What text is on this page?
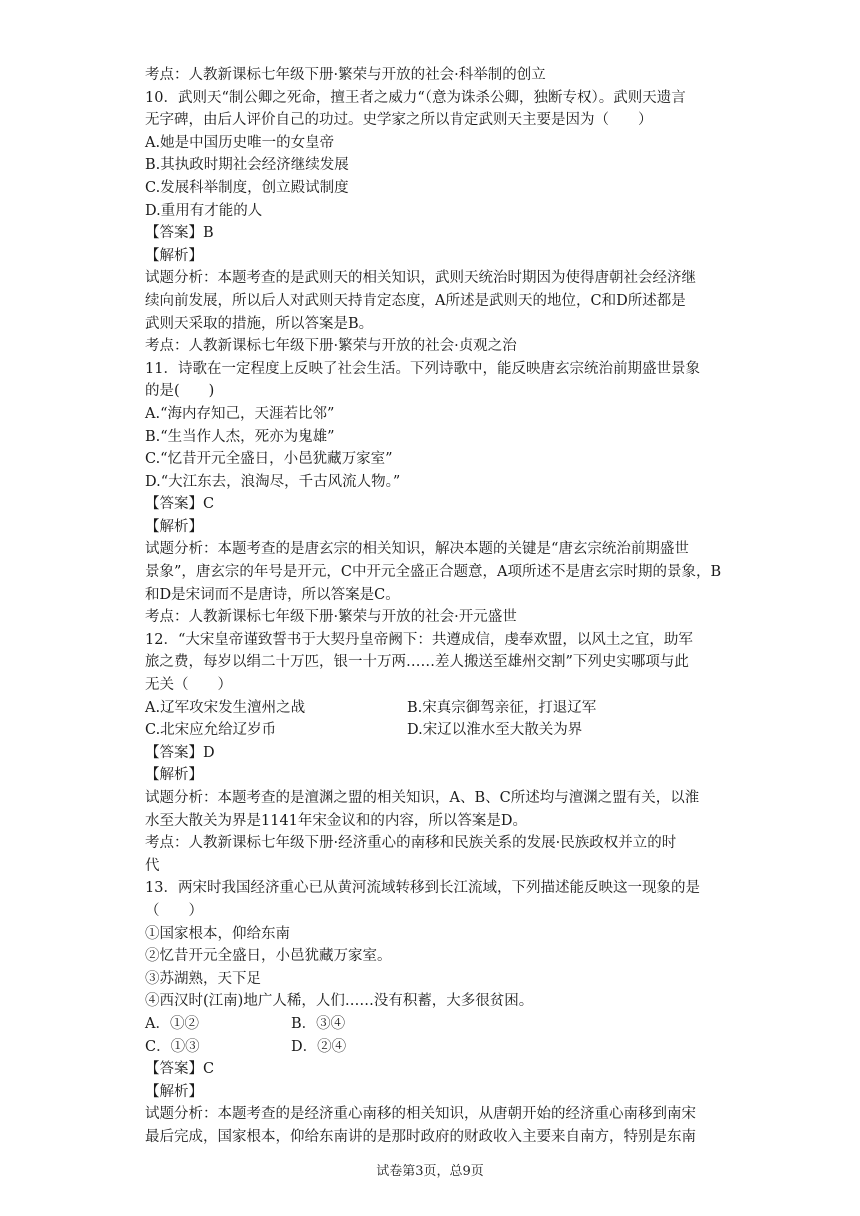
考点：人教新课标七年级下册·繁荣与开放的社会·科举制的创立
10．武则天“制公卿之死命，擅王者之威力“（意为诛杀公卿，独断专权）。武则天遗言
无字碑，由后人评价自己的功过。史学家之所以肯定武则天主要是因为（　　）
A.她是中国历史唯一的女皇帝
B.其执政时期社会经济继续发展
C.发展科举制度，创立殿试制度
D.重用有才能的人
【答案】B
【解析】
试题分析：本题考查的是武则天的相关知识，武则天统治时期因为使得唐朝社会经济继
续向前发展，所以后人对武则天持肯定态度，A所述是武则天的地位，C和D所述都是
武则天采取的措施，所以答案是B。
考点：人教新课标七年级下册·繁荣与开放的社会·贞观之治
11．诗歌在一定程度上反映了社会生活。下列诗歌中，能反映唐玄宗统治前期盛世景象
的是(　　)
A.“海内存知己，天涯若比邻”
B.“生当作人杰，死亦为鬼雄”
C.“忆昔开元全盛日，小邑犹藏万家室”
D.“大江东去，浪淘尽，千古风流人物。”
【答案】C
【解析】
试题分析：本题考查的是唐玄宗的相关知识，解决本题的关键是“唐玄宗统治前期盛世
景象”，唐玄宗的年号是开元，C中开元全盛正合题意，A项所述不是唐玄宗时期的景象，B
和D是宋词而不是唐诗，所以答案是C。
考点：人教新课标七年级下册·繁荣与开放的社会·开元盛世
12．“大宋皇帝谨致誓书于大契丹皇帝阙下：共遵成信，虔奉欢盟，以风土之宜，助军
旅之费，每岁以绢二十万匹，银一十万两……差人搬送至雄州交割”下列史实哪项与此
无关（　　）
A.辽军攻宋发生澶州之战	B.宋真宗御驾亲征，打退辽军
C.北宋应允给辽岁币	D.宋辽以淮水至大散关为界
【答案】D
【解析】
试题分析：本题考查的是澶渊之盟的相关知识，A、B、C所述均与澶渊之盟有关，以淮
水至大散关为界是1141年宋金议和的内容，所以答案是D。
考点：人教新课标七年级下册·经济重心的南移和民族关系的发展·民族政权并立的时
代
13．两宋时我国经济重心已从黄河流域转移到长江流域，下列描述能反映这一现象的是
（　　）
①国家根本，仰给东南
②忆昔开元全盛日，小邑犹藏万家室。
③苏湖熟，天下足
④西汉时(江南)地广人稀，人们……没有积蓄，大多很贫困。
A．①②	B．③④
C．①③	D．②④
【答案】C
【解析】
试题分析：本题考查的是经济重心南移的相关知识，从唐朝开始的经济重心南移到南宋
最后完成，国家根本，仰给东南讲的是那时政府的财政收入主要来自南方，特别是东南
试卷第3页，总9页
